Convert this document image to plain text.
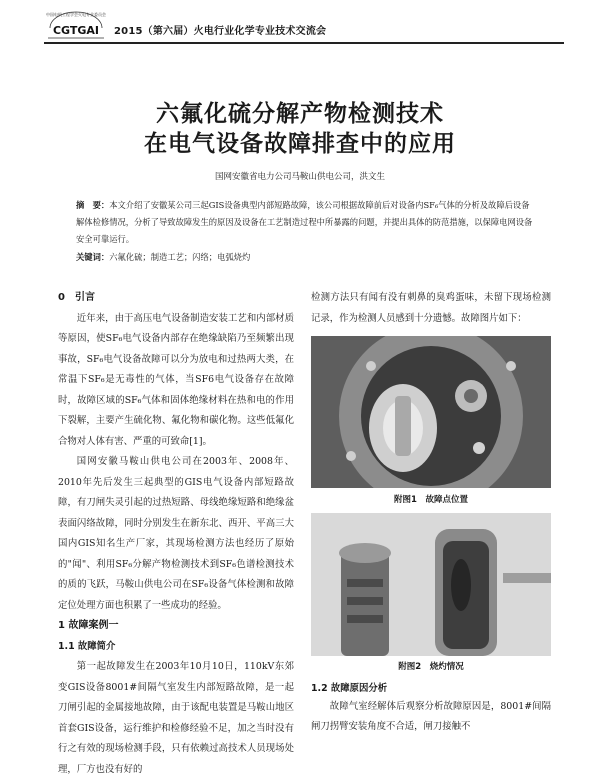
中国电机工程学会火电专业委员会
CGTGAI 2015（第六届）火电行业化学专业技术交流会
六氟化硫分解产物检测技术
在电气设备故障排查中的应用
国网安徽省电力公司马鞍山供电公司，洪文生
摘　要：本文介绍了安徽某公司三起GIS设备典型内部短路故障，该公司根据故障前后对设备内SF₆气体的分析及故障后设备解体检修情况，分析了导致故障发生的原因及设备在工艺制造过程中所暴露的问题，并提出具体的防范措施，以保障电网设备安全可靠运行。
关键词：六氟化硫；制造工艺；闪络；电弧烧灼

0　引言

近年来，由于高压电气设备制造安装工艺和内部材质等原因，使SF₆电气设备内部存在绝缘缺陷乃至频繁出现事故，SF₆电气设备故障可以分为放电和过热两大类，在常温下SF₆是无毒性的气体，当SF6电气设备存在故障时，故障区域的SF₆气体和固体绝缘材料在热和电的作用下裂解，主要产生硫化物、氟化物和碳化物。这些低氟化合物对人体有害、严重的可致命[1]。

国网安徽马鞍山供电公司在2003年、2008年、2010年先后发生三起典型的GIS电气设备内部短路故障，有刀闸失灵引起的过热短路、母线绝缘短路和绝缘盆表面闪络故障，同时分别发生在新东北、西开、平高三大国内GIS知名生产厂家，其现场检测方法也经历了原始的"闻"、利用SF₆分解产物检测技术到SF₆色谱检测技术的质的飞跃，马鞍山供电公司在SF₆设备气体检测和故障定位处理方面也积累了一些成功的经验。

1 故障案例一

1.1 故障简介

第一起故障发生在2003年10月10日，110kV东郊变GIS设备8001#间隔气室发生内部短路故障，是一起刀闸引起的金属接地故障，由于该配电装置是马鞍山地区首套GIS设备，运行维护和检修经验不足，加之当时没有行之有效的现场检测手段，只有依赖过高技术人员现场处理，厂方也没有好的

检测方法只有闻有没有刺鼻的臭鸡蛋味，未留下现场检测记录，作为检测人员感到十分遗憾。故障图片如下：

附图1　故障点位置
附图2　烧灼情况
1.2 故障原因分析

故障气室经解体后观察分析故障原因是，8001#间隔闸刀拐臂安装角度不合适，闸刀接触不
